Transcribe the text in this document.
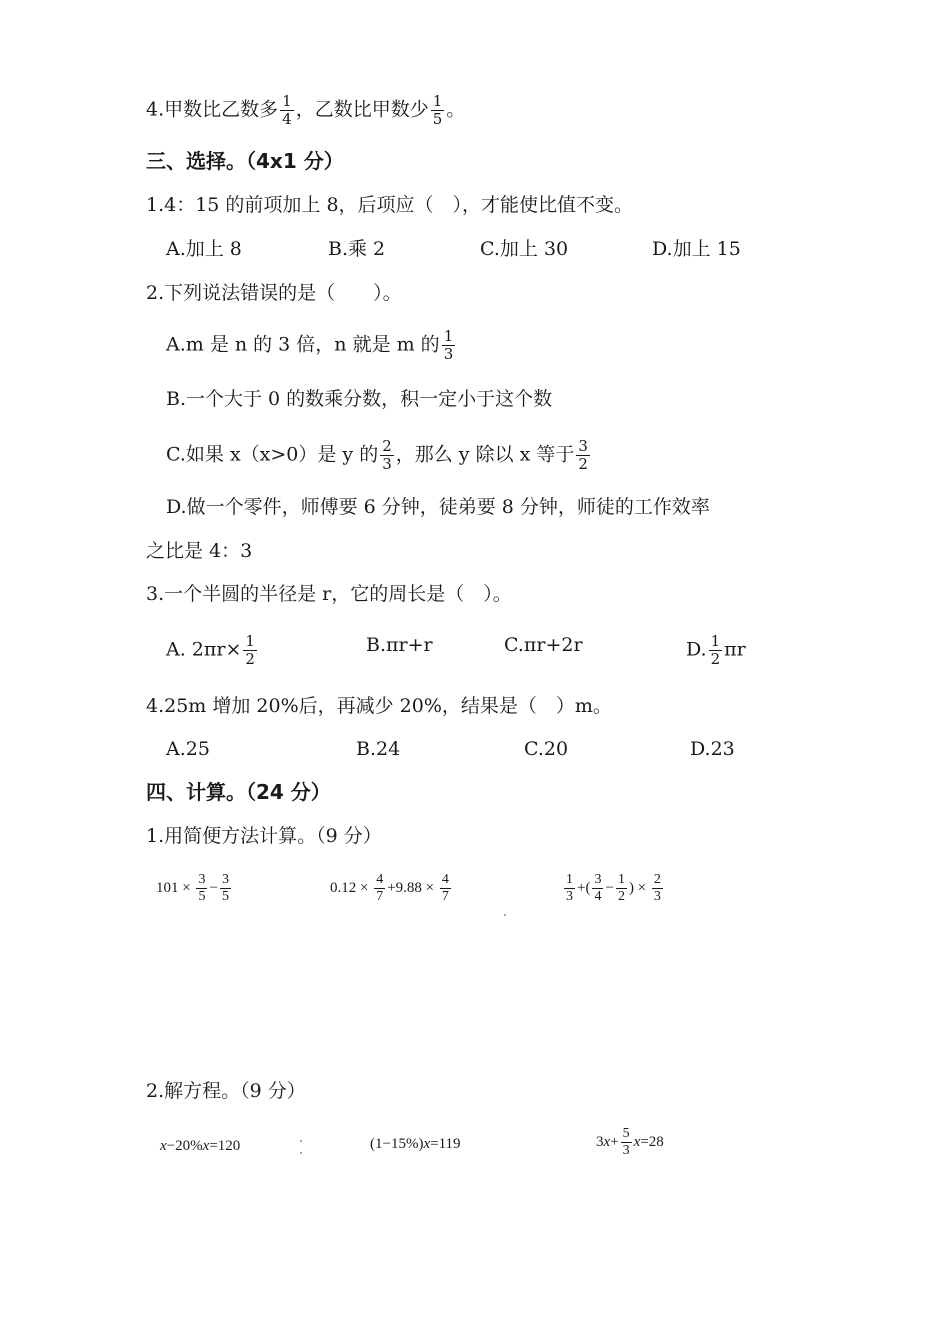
4.甲数比乙数多 $\frac{1}{4}$ ，乙数比甲数少 $\frac{1}{5}$ 。
三、选择。（4x1 分）
1.4：15 的前项加上 8，后项应（　），才能使比值不变。
A.加上 8	B.乘 2	C.加上 30	D.加上 15
2.下列说法错误的是（　　）。
A.m 是 n 的 3 倍，n 就是 m 的 $\frac{1}{3}$
B.一个大于 0 的数乘分数，积一定小于这个数
C.如果 x（x>0）是 y 的 $\frac{2}{3}$ ，那么 y 除以 x 等于 $\frac{3}{2}$
D.做一个零件，师傅要 6 分钟，徒弟要 8 分钟，师徒的工作效率
之比是 4：3
3.一个半圆的半径是 r，它的周长是（　）。
A. $2\pi r\times \frac{1}{2}$	B.πr+r	C.πr+2r	D. $\frac{1}{2}$ πr
4.25m 增加 20%后，再减少 20%，结果是（　）m。
A.25	B.24	C.20	D.23
四、计算。（24 分）
1.用简便方法计算。（9 分）
$101 \times \frac{3}{5} - \frac{3}{5}$	$0.12 \times \frac{4}{7} +9.88 \times \frac{4}{7}$	$\frac{1}{3}$ +( $\frac{3}{4} - \frac{1}{2}$ ) × $\frac{2}{3}$
2.解方程。（9 分）
x−20%x=120	(1−15%)x=119	$3x+ \frac{5}{3} x=28$
